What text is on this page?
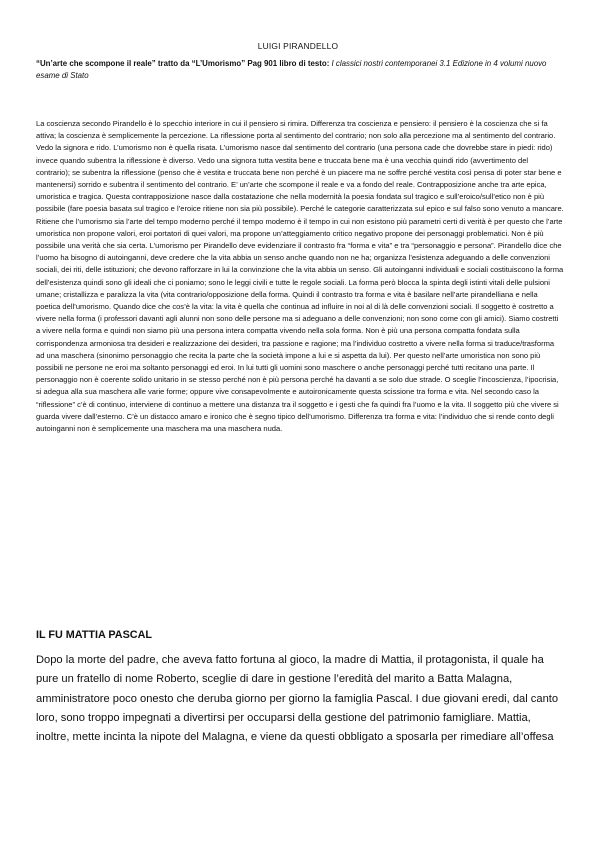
LUIGI PIRANDELLO
“Un’arte che scompone il reale” tratto da “L’Umorismo” Pag 901 libro di testo: I classici nostri contemporanei 3.1 Edizione in 4 volumi nuovo esame di Stato

La coscienza secondo Pirandello è lo specchio interiore in cui il pensiero si rimira. Differenza tra coscienza e pensiero: il pensiero è la coscienza che si fa attiva; la coscienza è semplicemente la percezione. La riflessione porta al sentimento del contrario; non solo alla percezione ma al sentimento del contrario. Vedo la signora e rido. L’umorismo non è quella risata. L’umorismo nasce dal sentimento del contrario (una persona cade che dovrebbe stare in piedi: rido) invece quando subentra la riflessione è diverso. Vedo una signora tutta vestita bene e truccata bene ma è una vecchia quindi rido (avvertimento del contrario); se subentra la riflessione (penso che è vestita e truccata bene non perché è un piacere ma ne soffre perché vestita così pensa di poter star bene e mantenersi) sorrido e subentra il sentimento del contrario. E’ un’arte che scompone il reale e va a fondo del reale. Contrapposizione anche tra arte epica, umoristica e tragica. Questa contrapposizione nasce dalla costatazione che nella modernità la poesia fondata sul tragico e sull’eroico/sull’etico non è più possibile (fare poesia basata sul tragico e l’eroice ritiene non sia più possibile). Perché le categorie caratterizzata sul epico e sul falso sono venuto a mancare. Ritiene che l’umorismo sia l’arte del tempo moderno perché il tempo moderno è il tempo in cui non esistono più parametri certi di verità è per questo che l’arte umoristica non propone valori, eroi portatori di quei valori, ma propone un’atteggiamento critico negativo propone dei personaggi problematici. Non è più possibile una verità che sia certa. L’umorismo per Pirandello deve evidenziare il contrasto fra “forma e vita” e tra “personaggio e persona”. Pirandello dice che l’uomo ha bisogno di autoinganni, deve credere che la vita abbia un senso anche quando non ne ha; organizza l’esistenza adeguando a delle convenzioni sociali, dei riti, delle istituzioni; che devono rafforzare in lui la convinzione che la vita abbia un senso. Gli autoinganni individuali e sociali costituiscono la forma dell’esistenza quindi sono gli ideali che ci poniamo; sono le leggi civili e tutte le regole sociali. La forma però blocca la spinta degli istinti vitali delle pulsioni umane; cristallizza e paralizza la vita (vita contrario/opposizione della forma. Quindi il contrasto tra forma e vita è basilare nell’arte pirandelliana e nella poetica dell’umorismo. Quando dice che cos’è la vita: la vita è quella che continua ad influire in noi al di là delle convenzioni sociali. Il soggetto è costretto a vivere nella forma (i professori davanti agli alunni non sono delle persone ma si adeguano a delle convenzioni; non sono come con gli amici). Siamo costretti a vivere nella forma e quindi non siamo più una persona intera compatta vivendo nella sola forma. Non è più una persona compatta fondata sulla corrispondenza armoniosa tra desideri e realizzazione dei desideri, tra passione e ragione; ma l’individuo costretto a vivere nella forma si traduce/trasforma ad una maschera (sinonimo personaggio che recita la parte che la società impone a lui e si aspetta da lui). Per questo nell’arte umoristica non sono più possibili ne persone ne eroi ma soltanto personaggi ed eroi. In lui tutti gli uomini sono maschere o anche personaggi perché tutti recitano una parte. Il personaggio non è coerente solido unitario in se stesso perché non è più persona perché ha davanti a se solo due strade. O sceglie l’incoscienza, l’ipocrisia, si adegua alla sua maschera alle varie forme; oppure vive consapevolmente e autoironicamente questa scissione tra forma e vita. Nel secondo caso la “riflessione” c’è di continuo, interviene di continuo a mettere una distanza tra il soggetto e i gesti che fa quindi fra l’uomo e la vita. Il soggetto più che vivere si guarda vivere dall’esterno. C’è un distacco amaro e ironico che è segno tipico dell’umorismo. Differenza tra forma e vita: l’individuo che si rende conto degli autoinganni non è semplicemente una maschera ma una maschera nuda.

IL FU MATTIA PASCAL

Dopo la morte del padre, che aveva fatto fortuna al gioco, la madre di Mattia, il protagonista, il quale ha pure un fratello di nome Roberto, sceglie di dare in gestione l’eredità del marito a Batta Malagna, amministratore poco onesto che deruba giorno per giorno la famiglia Pascal. I due giovani eredi, dal canto loro, sono troppo impegnati a divertirsi per occuparsi della gestione del patrimonio famigliare. Mattia, inoltre, mette incinta la nipote del Malagna, e viene da questi obbligato a sposarla per rimediare all’offesa
